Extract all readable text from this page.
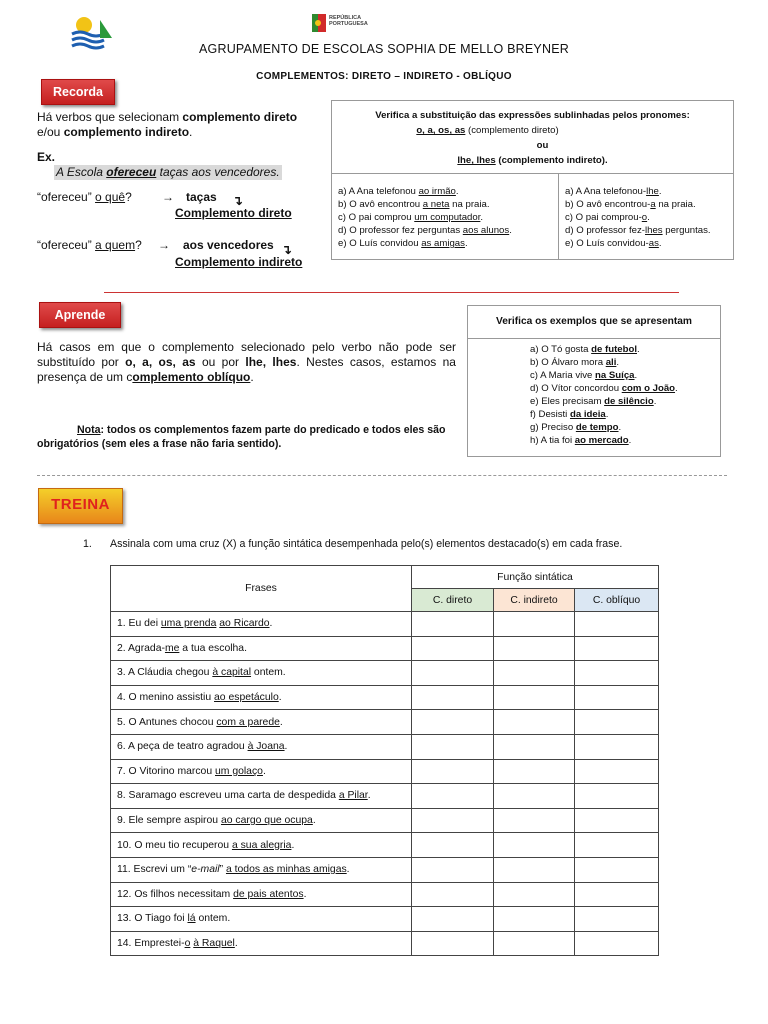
REPÚBLICA
PORTUGUESA
AGRUPAMENTO DE ESCOLAS SOPHIA DE MELLO BREYNER
COMPLEMENTOS: DIRETO – INDIRETO - OBLÍQUO
Recorda
Há verbos que selecionam complemento direto
e/ou complemento indireto.
Ex.
A Escola ofereceu taças aos vencedores.
“ofereceu” o quê?	→ taças ↴
Complemento direto
“ofereceu” a quem? → aos vencedores ↴
Complemento indireto
Verifica a substituição das expressões sublinhadas pelos pronomes:
o, a, os, as (complemento direto)
ou
lhe, lhes (complemento indireto).
a) A Ana telefonou ao irmão.
b) O avô encontrou a neta na praia.
c) O pai comprou um computador.
d) O professor fez perguntas aos alunos.
e) O Luís convidou as amigas.
a) A Ana telefonou-lhe.
b) O avô encontrou-a na praia.
c) O pai comprou-o.
d) O professor fez-lhes perguntas.
e) O Luís convidou-as.
Aprende
Há casos em que o complemento selecionado pelo verbo não pode ser substituído por o, a, os, as ou por lhe, lhes. Nestes casos, estamos na presença de um complemento oblíquo.
Nota: todos os complementos fazem parte do predicado e todos eles são obrigatórios (sem eles a frase não faria sentido).
Verifica os exemplos que se apresentam
a) O Tó gosta de futebol.
b) O Álvaro mora ali.
c) A Maria vive na Suíça.
d) O Vítor concordou com o João.
e) Eles precisam de silêncio.
f) Desisti da ideia.
g) Preciso de tempo.
h) A tia foi ao mercado.
TREINA
1. Assinala com uma cruz (X) a função sintática desempenhada pelo(s) elementos destacado(s) em cada frase.
Frases	Função sintática		
	C. direto	C. indireto	C. oblíquo
1. Eu dei uma prenda ao Ricardo.			
2. Agrada-me a tua escolha.			
3. A Cláudia chegou à capital ontem.			
4. O menino assistiu ao espetáculo.			
5. O Antunes chocou com a parede.			
6. A peça de teatro agradou à Joana.			
7. O Vitorino marcou um golaço.			
8. Saramago escreveu uma carta de despedida a Pilar.			
9. Ele sempre aspirou ao cargo que ocupa.			
10. O meu tio recuperou a sua alegria.			
11. Escrevi um “e-mail” a todos as minhas amigas.			
12. Os filhos necessitam de pais atentos.			
13. O Tiago foi lá ontem.			
14. Emprestei-o à Raquel.			
